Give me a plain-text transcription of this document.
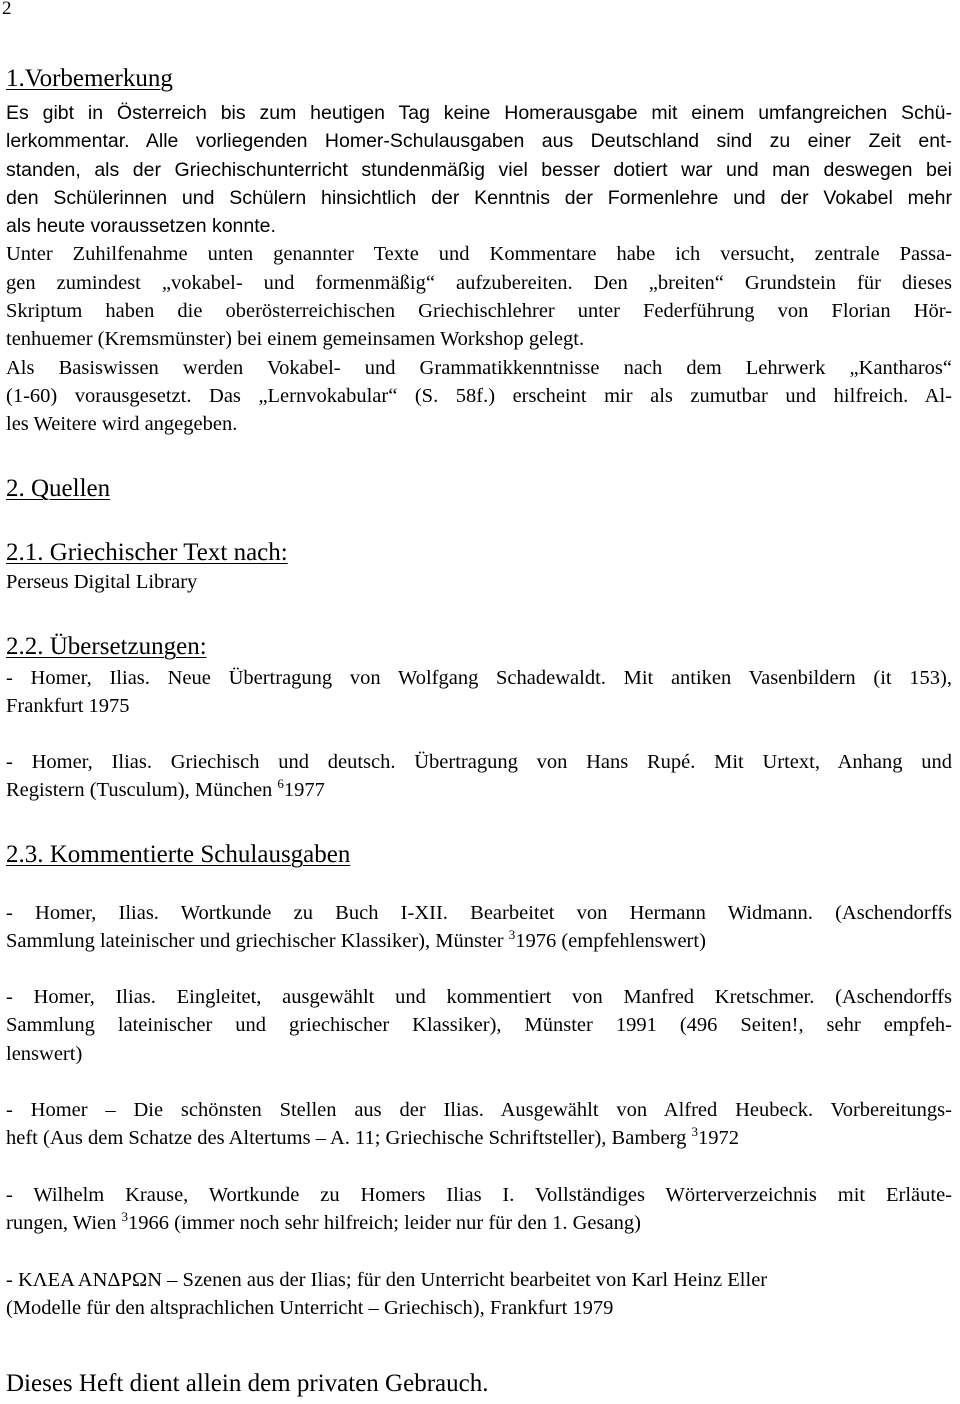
2
1.Vorbemerkung
Es gibt in Österreich bis zum heutigen Tag keine Homerausgabe mit einem umfangreichen Schü-
lerkommentar. Alle vorliegenden Homer-Schulausgaben aus Deutschland sind zu einer Zeit ent-
standen, als der Griechischunterricht stundenmäßig viel besser dotiert war und man deswegen bei
den Schülerinnen und Schülern hinsichtlich der Kenntnis der Formenlehre und der Vokabel mehr
als heute voraussetzen konnte.
Unter Zuhilfenahme unten genannter Texte und Kommentare habe ich versucht, zentrale Passa-
gen zumindest „vokabel- und formenmäßig“ aufzubereiten. Den „breiten“ Grundstein für dieses
Skriptum haben die oberösterreichischen Griechischlehrer unter Federführung von Florian Hör-
tenhuemer (Kremsmünster) bei einem gemeinsamen Workshop gelegt.
Als Basiswissen werden Vokabel- und Grammatikkenntnisse nach dem Lehrwerk „Kantharos“
(1-60) vorausgesetzt. Das „Lernvokabular“ (S. 58f.) erscheint mir als zumutbar und hilfreich. Al-
les Weitere wird angegeben.
2. Quellen
2.1. Griechischer Text nach:
Perseus Digital Library
2.2. Übersetzungen:
- Homer, Ilias. Neue Übertragung von Wolfgang Schadewaldt. Mit antiken Vasenbildern (it 153),
Frankfurt 1975
- Homer, Ilias. Griechisch und deutsch. Übertragung von Hans Rupé. Mit Urtext, Anhang und
Registern (Tusculum), München $^6$1977
2.3. Kommentierte Schulausgaben
- Homer, Ilias. Wortkunde zu Buch I-XII. Bearbeitet von Hermann Widmann. (Aschendorffs
Sammlung lateinischer und griechischer Klassiker), Münster $^3$1976 (empfehlenswert)
- Homer, Ilias. Eingleitet, ausgewählt und kommentiert von Manfred Kretschmer. (Aschendorffs
Sammlung lateinischer und griechischer Klassiker), Münster 1991 (496 Seiten!, sehr empfeh-
lenswert)
- Homer – Die schönsten Stellen aus der Ilias. Ausgewählt von Alfred Heubeck. Vorbereitungs-
heft (Aus dem Schatze des Altertums – A. 11; Griechische Schriftsteller), Bamberg $^3$1972
- Wilhelm Krause, Wortkunde zu Homers Ilias I. Vollständiges Wörterverzeichnis mit Erläute-
rungen, Wien $^3$1966 (immer noch sehr hilfreich; leider nur für den 1. Gesang)
- ΚΛΕΑ ΑΝΔΡΩΝ – Szenen aus der Ilias; für den Unterricht bearbeitet von Karl Heinz Eller
(Modelle für den altsprachlichen Unterricht – Griechisch), Frankfurt 1979
Dieses Heft dient allein dem privaten Gebrauch.
